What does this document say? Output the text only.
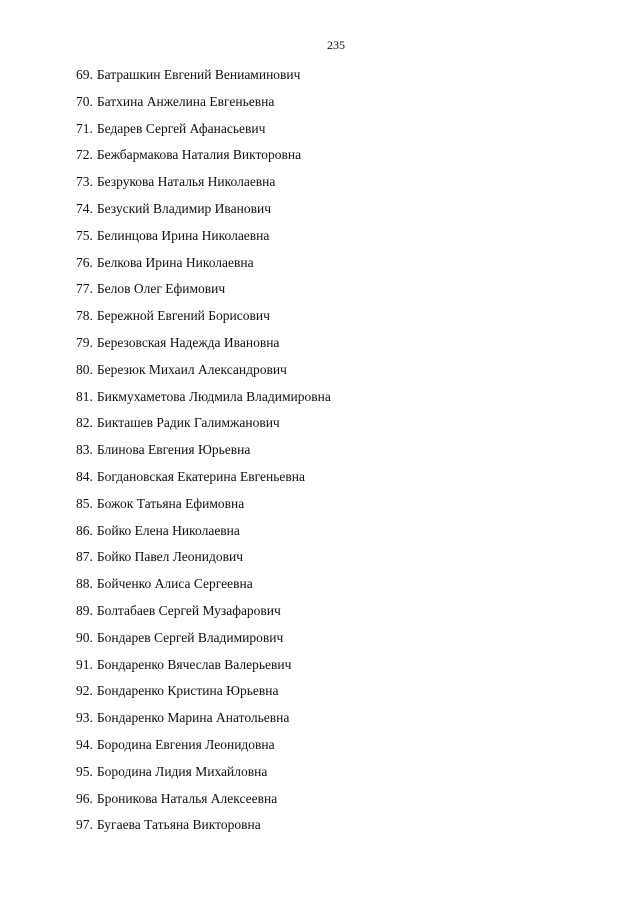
235
69. Батрашкин Евгений Вениаминович
70. Батхина Анжелина Евгеньевна
71. Бедарев Сергей Афанасьевич
72. Бежбармакова Наталия Викторовна
73. Безрукова Наталья Николаевна
74. Безуский Владимир Иванович
75. Белинцова Ирина Николаевна
76. Белкова Ирина Николаевна
77. Белов Олег Ефимович
78. Бережной Евгений Борисович
79. Березовская Надежда Ивановна
80. Березюк Михаил Александрович
81. Бикмухаметова Людмила Владимировна
82. Бикташев Радик Галимжанович
83. Блинова Евгения Юрьевна
84. Богдановская Екатерина Евгеньевна
85. Божок Татьяна Ефимовна
86. Бойко Елена Николаевна
87. Бойко Павел Леонидович
88. Бойченко Алиса Сергеевна
89. Болтабаев Сергей Музафарович
90. Бондарев Сергей Владимирович
91. Бондаренко Вячеслав Валерьевич
92. Бондаренко Кристина Юрьевна
93. Бондаренко Марина Анатольевна
94. Бородина Евгения Леонидовна
95. Бородина Лидия Михайловна
96. Броникова Наталья Алексеевна
97. Бугаева Татьяна Викторовна
